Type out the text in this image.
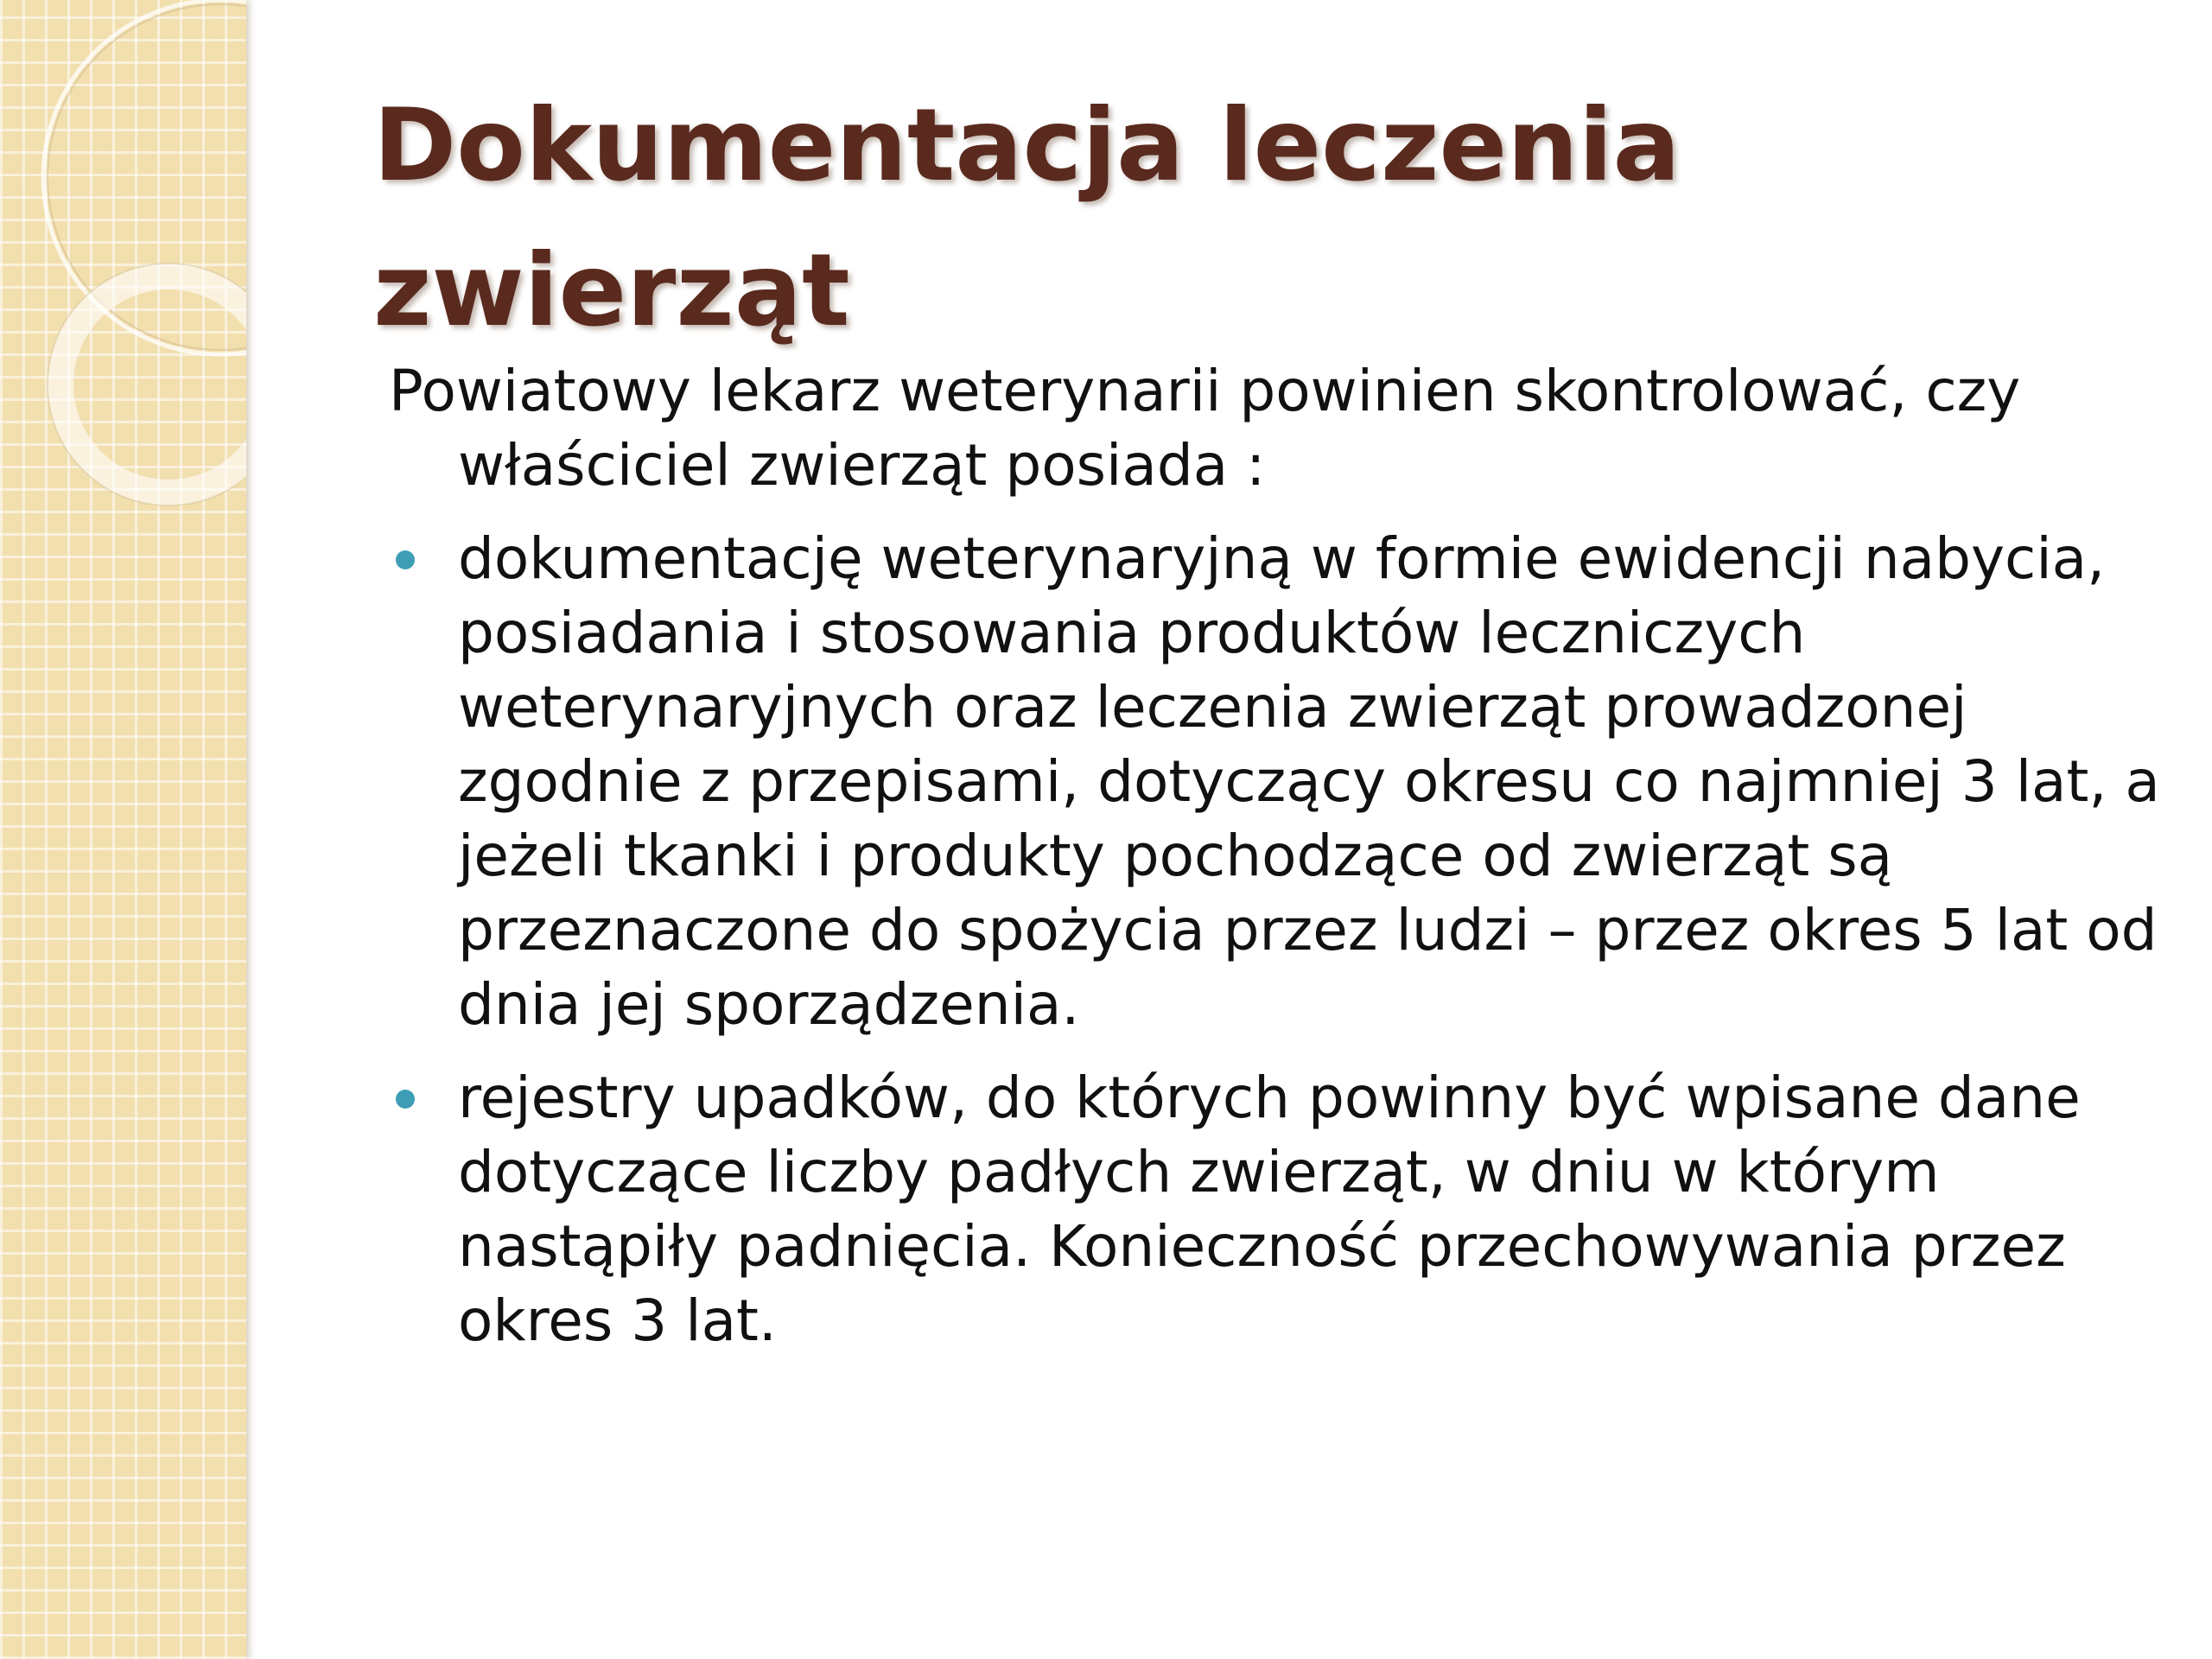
Dokumentacja leczenia
zwierząt

Powiatowy lekarz weterynarii powinien skontrolować, czy właściciel zwierząt posiada :

dokumentację weterynaryjną w formie ewidencji nabycia, posiadania i stosowania produktów leczniczych weterynaryjnych oraz leczenia zwierząt prowadzonej zgodnie z przepisami, dotyczący okresu co najmniej 3 lat, a jeżeli tkanki i produkty pochodzące od zwierząt są przeznaczone do spożycia przez ludzi – przez okres 5 lat od dnia jej sporządzenia.
rejestry upadków, do których powinny być wpisane dane dotyczące liczby padłych zwierząt, w dniu w którym nastąpiły padnięcia. Konieczność przechowywania przez okres 3 lat.
